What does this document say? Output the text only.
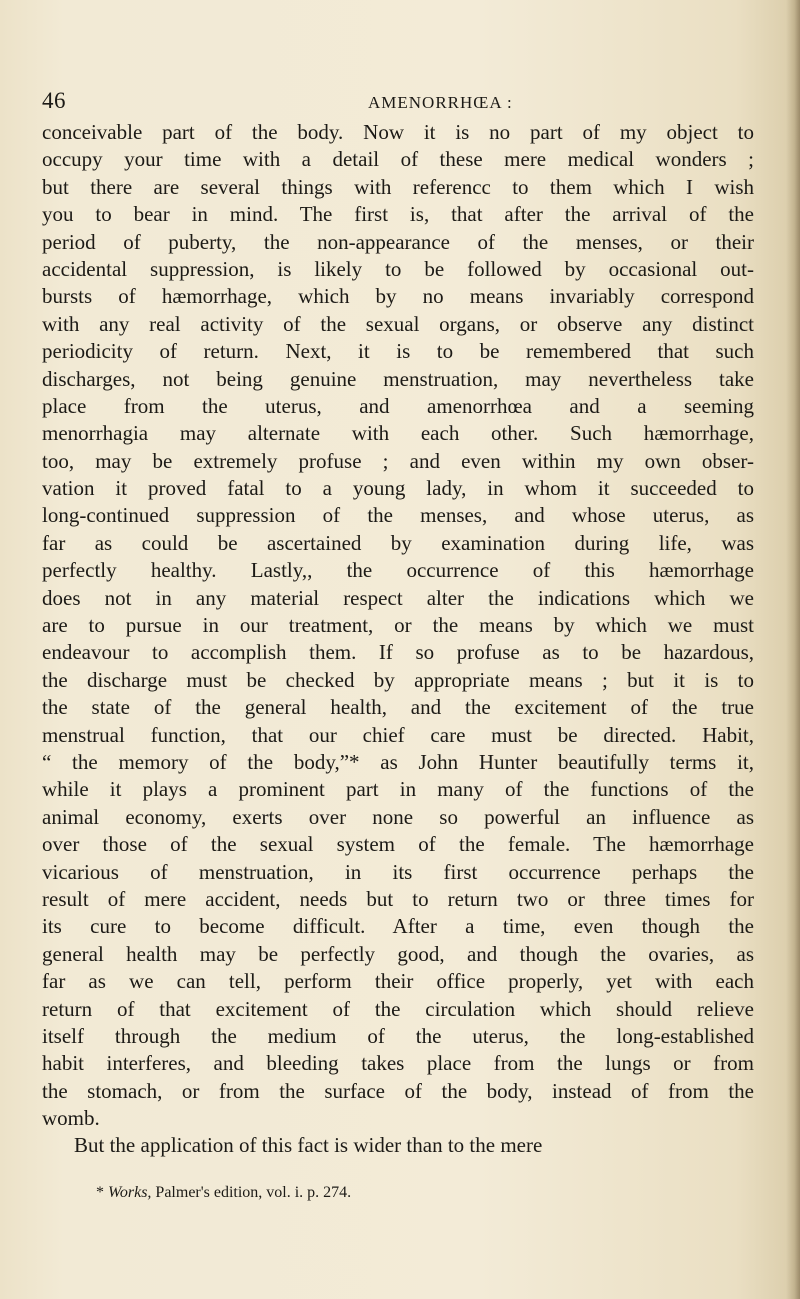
46	AMENORRHŒA :
conceivable part of the body. Now it is no part of my object to
occupy your time with a detail of these mere medical wonders ;
but there are several things with referencc to them which I wish
you to bear in mind. The first is, that after the arrival of the
period of puberty, the non-appearance of the menses, or their
accidental suppression, is likely to be followed by occasional out-
bursts of hæmorrhage, which by no means invariably correspond
with any real activity of the sexual organs, or observe any distinct
periodicity of return. Next, it is to be remembered that such
discharges, not being genuine menstruation, may nevertheless take
place from the uterus, and amenorrhœa and a seeming
menorrhagia may alternate with each other. Such hæmorrhage,
too, may be extremely profuse ; and even within my own obser-
vation it proved fatal to a young lady, in whom it succeeded to
long-continued suppression of the menses, and whose uterus, as
far as could be ascertained by examination during life, was
perfectly healthy. Lastly,, the occurrence of this hæmorrhage
does not in any material respect alter the indications which we
are to pursue in our treatment, or the means by which we must
endeavour to accomplish them. If so profuse as to be hazardous,
the discharge must be checked by appropriate means ; but it is to
the state of the general health, and the excitement of the true
menstrual function, that our chief care must be directed. Habit,
“ the memory of the body,”* as John Hunter beautifully terms it,
while it plays a prominent part in many of the functions of the
animal economy, exerts over none so powerful an influence as
over those of the sexual system of the female. The hæmorrhage
vicarious of menstruation, in its first occurrence perhaps the
result of mere accident, needs but to return two or three times for
its cure to become difficult. After a time, even though the
general health may be perfectly good, and though the ovaries, as
far as we can tell, perform their office properly, yet with each
return of that excitement of the circulation which should relieve
itself through the medium of the uterus, the long-established
habit interferes, and bleeding takes place from the lungs or from
the stomach, or from the surface of the body, instead of from the
womb.
But the application of this fact is wider than to the mere
* Works, Palmer's edition, vol. i. p. 274.
